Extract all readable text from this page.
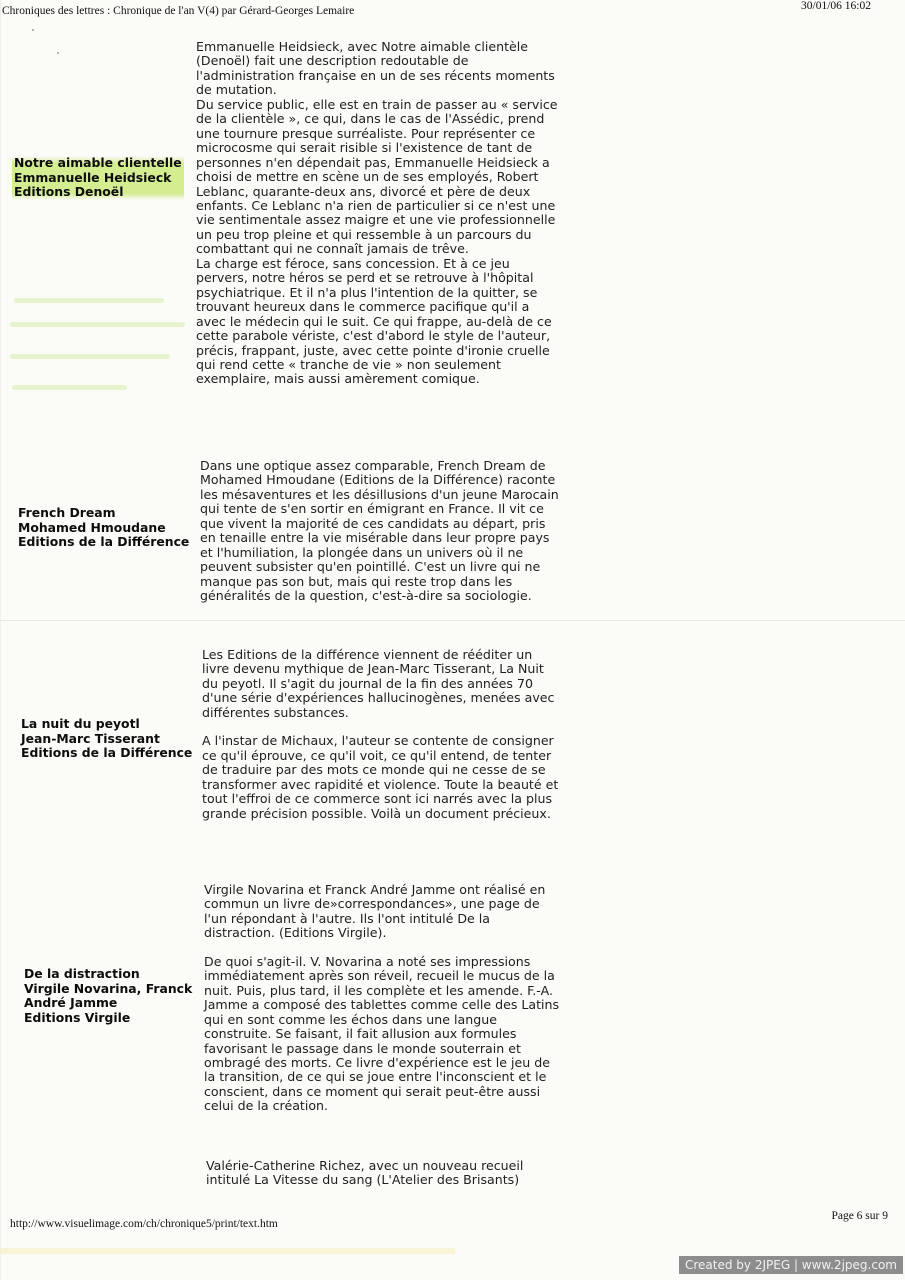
Chroniques des lettres : Chronique de l'an V(4) par Gérard-Georges Lemaire	30/01/06 16:02
Notre aimable clientelle
Emmanuelle Heidsieck
Editions Denoël

Emmanuelle Heidsieck, avec Notre aimable clientèle (Denoël) fait une description redoutable de l'administration française en un de ses récents moments de mutation.

Du service public, elle est en train de passer au « service de la clientèle », ce qui, dans le cas de l'Assédic, prend une tournure presque surréaliste. Pour représenter ce microcosme qui serait risible si l'existence de tant de personnes n'en dépendait pas, Emmanuelle Heidsieck a choisi de mettre en scène un de ses employés, Robert Leblanc, quarante-deux ans, divorcé et père de deux enfants. Ce Leblanc n'a rien de particulier si ce n'est une vie sentimentale assez maigre et une vie professionnelle un peu trop pleine et qui ressemble à un parcours du combattant qui ne connaît jamais de trêve.

La charge est féroce, sans concession. Et à ce jeu pervers, notre héros se perd et se retrouve à l'hôpital psychiatrique. Et il n'a plus l'intention de la quitter, se trouvant heureux dans le commerce pacifique qu'il a avec le médecin qui le suit. Ce qui frappe, au-delà de ce cette parabole vériste, c'est d'abord le style de l'auteur, précis, frappant, juste, avec cette pointe d'ironie cruelle qui rend cette « tranche de vie » non seulement exemplaire, mais aussi amèrement comique.

French Dream
Mohamed Hmoudane
Editions de la Différence

Dans une optique assez comparable, French Dream de Mohamed Hmoudane (Editions de la Différence) raconte les mésaventures et les désillusions d'un jeune Marocain qui tente de s'en sortir en émigrant en France. Il vit ce que vivent la majorité de ces candidats au départ, pris en tenaille entre la vie misérable dans leur propre pays et l'humiliation, la plongée dans un univers où il ne peuvent subsister qu'en pointillé. C'est un livre qui ne manque pas son but, mais qui reste trop dans les généralités de la question, c'est-à-dire sa sociologie.

La nuit du peyotl
Jean-Marc Tisserant
Editions de la Différence

Les Editions de la différence viennent de rééditer un livre devenu mythique de Jean-Marc Tisserant, La Nuit du peyotl. Il s'agit du journal de la fin des années 70 d'une série d'expériences hallucinogènes, menées avec différentes substances.

A l'instar de Michaux, l'auteur se contente de consigner ce qu'il éprouve, ce qu'il voit, ce qu'il entend, de tenter de traduire par des mots ce monde qui ne cesse de se transformer avec rapidité et violence. Toute la beauté et tout l'effroi de ce commerce sont ici narrés avec la plus grande précision possible. Voilà un document précieux.

De la distraction
Virgile Novarina, Franck
André Jamme
Editions Virgile

Virgile Novarina et Franck André Jamme ont réalisé en commun un livre de»correspondances», une page de l'un répondant à l'autre. Ils l'ont intitulé De la distraction. (Editions Virgile).

De quoi s'agit-il. V. Novarina a noté ses impressions immédiatement après son réveil, recueil le mucus de la nuit. Puis, plus tard, il les complète et les amende. F.-A. Jamme a composé des tablettes comme celle des Latins qui en sont comme les échos dans une langue construite. Se faisant, il fait allusion aux formules favorisant le passage dans le monde souterrain et ombragé des morts. Ce livre d'expérience est le jeu de la transition, de ce qui se joue entre l'inconscient et le conscient, dans ce moment qui serait peut-être aussi celui de la création.

Valérie-Catherine Richez, avec un nouveau recueil intitulé La Vitesse du sang (L'Atelier des Brisants)

http://www.visuelimage.com/ch/chronique5/print/text.htm
Page 6 sur 9
Created by 2JPEG | www.2jpeg.com
